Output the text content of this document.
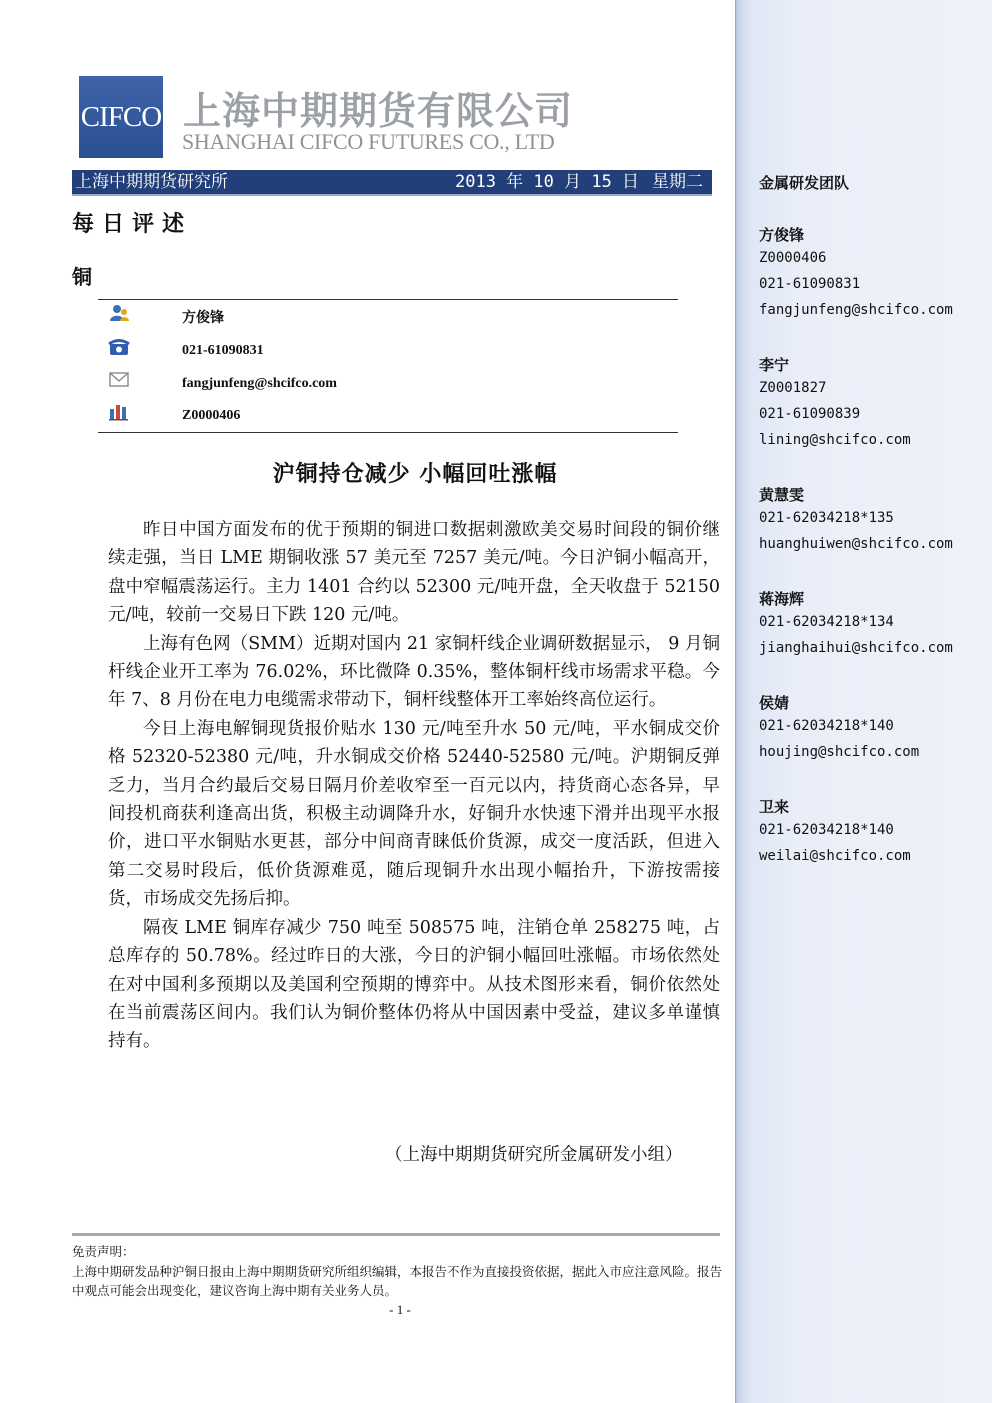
金属研发团队
方俊锋
Z0000406
021-61090831
fangjunfeng@shcifco.com
李宁
Z0001827
021-61090839
lining@shcifco.com
黄慧雯
021-62034218*135
huanghuiwen@shcifco.com
蒋海辉
021-62034218*134
jianghaihui@shcifco.com
侯婧
021-62034218*140
houjing@shcifco.com
卫来
021-62034218*140
weilai@shcifco.com
CIFCO 上海中期期货有限公司
SHANGHAI CIFCO FUTURES CO., LTD
上海中期期货研究所	2013 年 10 月 15 日 星期二
每日评述
铜
方俊锋
021-61090831
fangjunfeng@shcifco.com
Z0000406
沪铜持仓减少 小幅回吐涨幅

昨日中国方面发布的优于预期的铜进口数据刺激欧美交易时间段的铜价继续走强，当日 LME 期铜收涨 57 美元至 7257 美元/吨。今日沪铜小幅高开，盘中窄幅震荡运行。主力 1401 合约以 52300 元/吨开盘，全天收盘于 52150 元/吨，较前一交易日下跌 120 元/吨。

上海有色网（SMM）近期对国内 21 家铜杆线企业调研数据显示， 9 月铜杆线企业开工率为 76.02%，环比微降 0.35%，整体铜杆线市场需求平稳。今年 7、8 月份在电力电缆需求带动下，铜杆线整体开工率始终高位运行。

今日上海电解铜现货报价贴水 130 元/吨至升水 50 元/吨，平水铜成交价格 52320-52380 元/吨，升水铜成交价格 52440-52580 元/吨。沪期铜反弹乏力，当月合约最后交易日隔月价差收窄至一百元以内，持货商心态各异，早间投机商获利逢高出货，积极主动调降升水，好铜升水快速下滑并出现平水报价，进口平水铜贴水更甚，部分中间商青睐低价货源，成交一度活跃，但进入第二交易时段后，低价货源难觅，随后现铜升水出现小幅抬升，下游按需接货，市场成交先扬后抑。

隔夜 LME 铜库存减少 750 吨至 508575 吨，注销仓单 258275 吨，占总库存的 50.78%。经过昨日的大涨，今日的沪铜小幅回吐涨幅。市场依然处在对中国利多预期以及美国利空预期的博弈中。从技术图形来看，铜价依然处在当前震荡区间内。我们认为铜价整体仍将从中国因素中受益，建议多单谨慎持有。

（上海中期期货研究所金属研发小组）
免责声明：
上海中期研发品种沪铜日报由上海中期期货研究所组织编辑，本报告不作为直接投资依据，据此入市应注意风险。报告中观点可能会出现变化，建议咨询上海中期有关业务人员。
- 1 -
